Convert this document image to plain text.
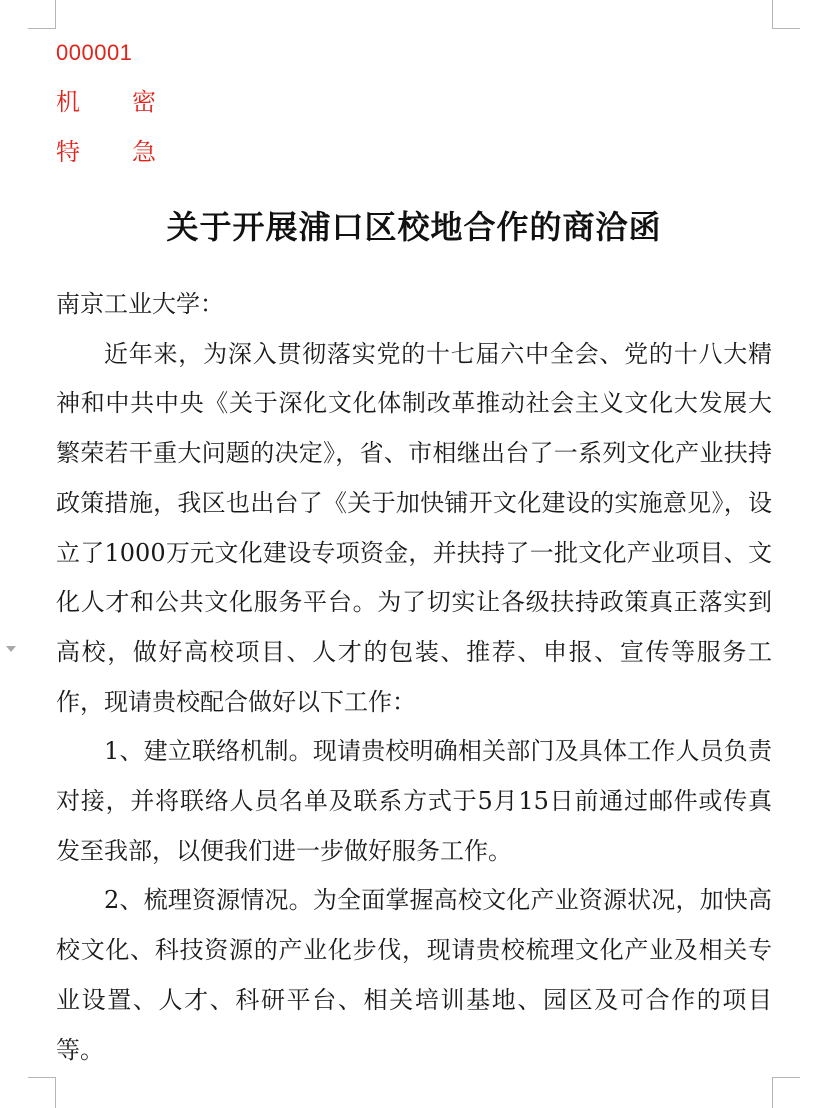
000001
机　密
特　急
关于开展浦口区校地合作的商洽函

南京工业大学：

近年来，为深入贯彻落实党的十七届六中全会、党的十八大精神和中共中央《关于深化文化体制改革推动社会主义文化大发展大繁荣若干重大问题的决定》，省、市相继出台了一系列文化产业扶持政策措施，我区也出台了《关于加快铺开文化建设的实施意见》，设立了1000万元文化建设专项资金，并扶持了一批文化产业项目、文化人才和公共文化服务平台。为了切实让各级扶持政策真正落实到高校，做好高校项目、人才的包装、推荐、申报、宣传等服务工作，现请贵校配合做好以下工作：

1、建立联络机制。现请贵校明确相关部门及具体工作人员负责对接，并将联络人员名单及联系方式于5月15日前通过邮件或传真发至我部，以便我们进一步做好服务工作。

2、梳理资源情况。为全面掌握高校文化产业资源状况，加快高校文化、科技资源的产业化步伐，现请贵校梳理文化产业及相关专业设置、人才、科研平台、相关培训基地、园区及可合作的项目等。
